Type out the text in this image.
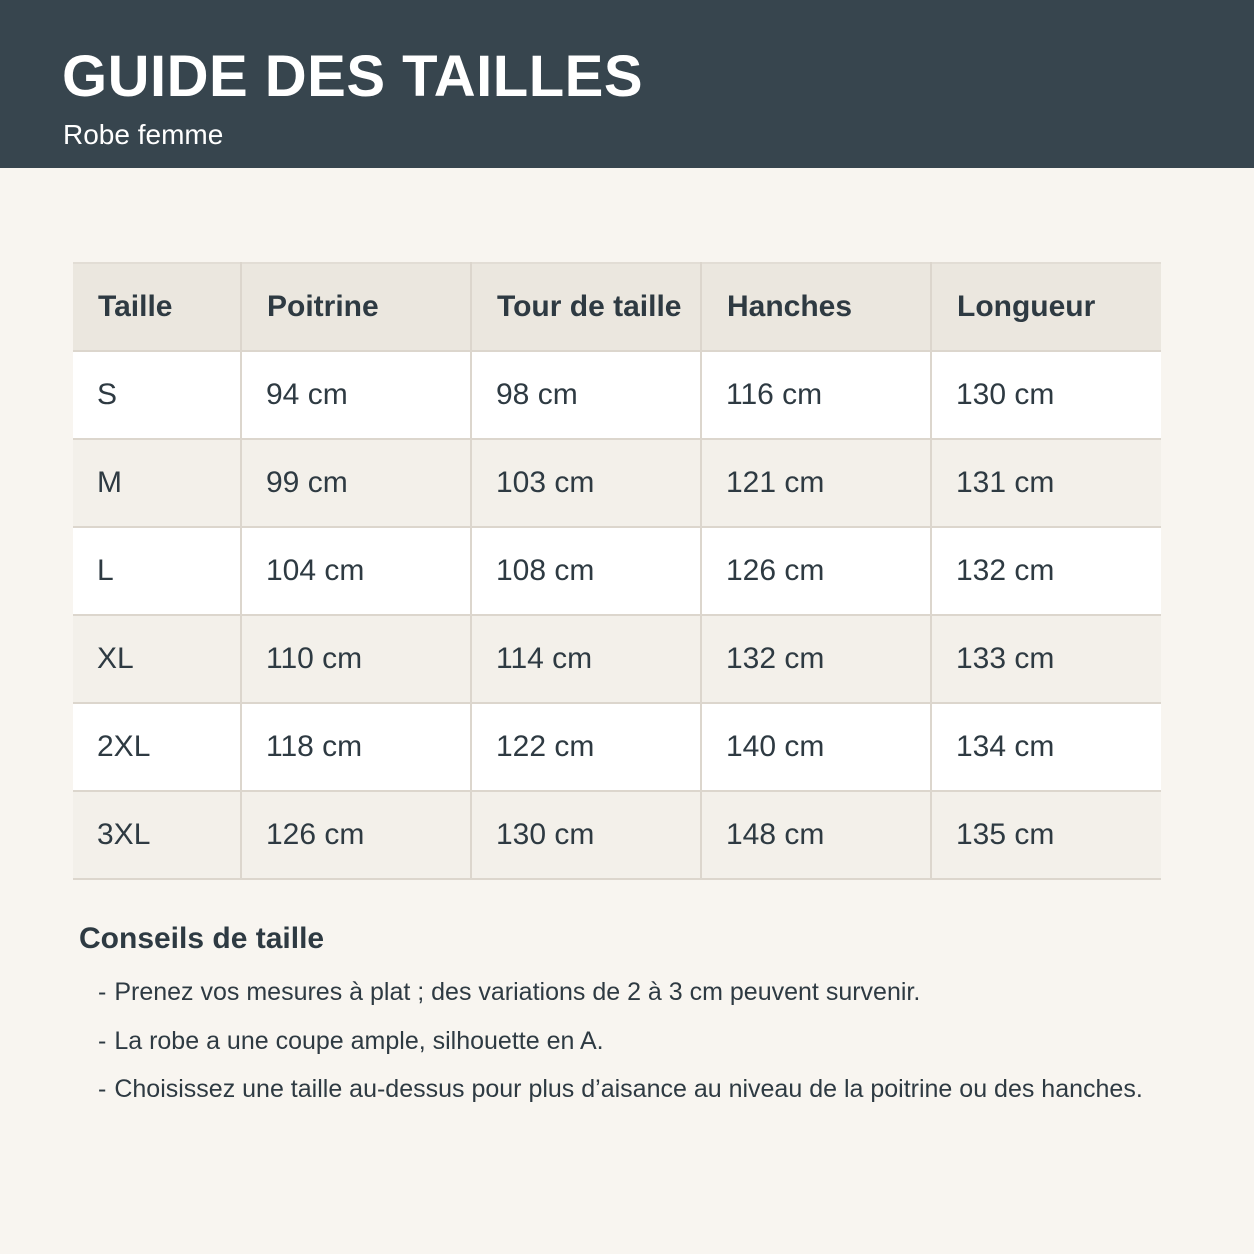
GUIDE DES TAILLES
Robe femme
Taille	Poitrine	Tour de taille	Hanches	Longueur
S	94 cm	98 cm	116 cm	130 cm
M	99 cm	103 cm	121 cm	131 cm
L	104 cm	108 cm	126 cm	132 cm
XL	110 cm	114 cm	132 cm	133 cm
2XL	118 cm	122 cm	140 cm	134 cm
3XL	126 cm	130 cm	148 cm	135 cm
Conseils de taille
- Prenez vos mesures à plat ; des variations de 2 à 3 cm peuvent survenir.
- La robe a une coupe ample, silhouette en A.
- Choisissez une taille au-dessus pour plus d’aisance au niveau de la poitrine ou des hanches.
